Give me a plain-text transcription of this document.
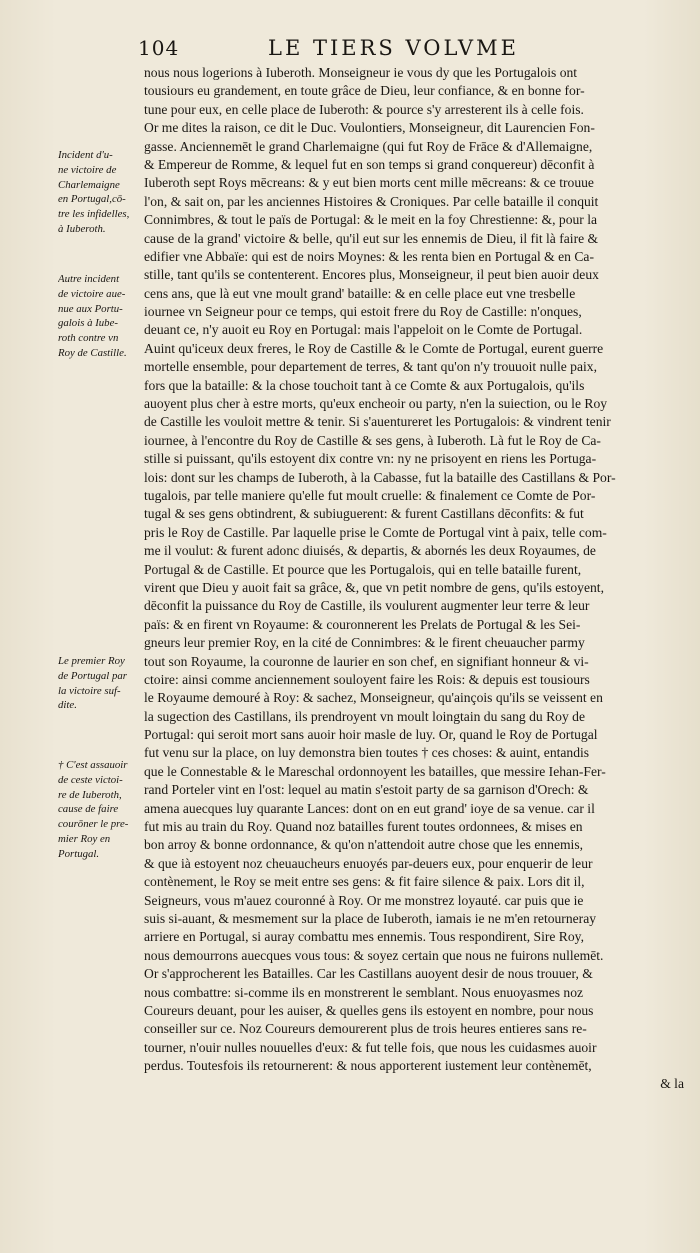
104	LE TIERS VOLVME
Incident d'u-
ne victoire de
Charlemaigne
en Portugal,cō-
tre les infidelles,
à Iuberoth.
Autre incident
de victoire aue-
nue aux Portu-
galois à Iube-
roth contre vn
Roy de Castille.
Le premier Roy
de Portugal par
la victoire suf-
dite.
† C'est assauoir
de ceste victoi-
re de Iuberoth,
cause de faire
courōner le pre-
mier Roy en
Portugal.
nous nous logerions à Iuberoth. Monseigneur ie vous dy que les Portugalois ont
tousiours eu grandement, en toute grâce de Dieu, leur confiance, & en bonne for-
tune pour eux, en celle place de Iuberoth: & pource s'y arresterent ils à celle fois.
Or me dites la raison, ce dit le Duc. Voulontiers, Monseigneur, dit Laurencien Fon-
gasse. Anciennemēt le grand Charlemaigne (qui fut Roy de Frāce & d'Allemaigne,
& Empereur de Romme, & lequel fut en son temps si grand conquereur) dēconfit à
Iuberoth sept Roys mēcreans: & y eut bien morts cent mille mēcreans: & ce trouue
l'on, & sait on, par les anciennes Histoires & Croniques. Par celle bataille il conquit
Connimbres, & tout le païs de Portugal: & le meit en la foy Chrestienne: &, pour la
cause de la grand' victoire & belle, qu'il eut sur les ennemis de Dieu, il fit là faire &
edifier vne Abbaïe: qui est de noirs Moynes: & les renta bien en Portugal & en Ca-
stille, tant qu'ils se contenterent. Encores plus, Monseigneur, il peut bien auoir deux
cens ans, que là eut vne moult grand' bataille: & en celle place eut vne tresbelle
iournee vn Seigneur pour ce temps, qui estoit frere du Roy de Castille: n'onques,
deuant ce, n'y auoit eu Roy en Portugal: mais l'appeloit on le Comte de Portugal.
Auint qu'iceux deux freres, le Roy de Castille & le Comte de Portugal, eurent guerre
mortelle ensemble, pour departement de terres, & tant qu'on n'y trouuoit nulle paix,
fors que la bataille: & la chose touchoit tant à ce Comte & aux Portugalois, qu'ils
auoyent plus cher à estre morts, qu'eux encheoir ou party, n'en la suiection, ou le Roy
de Castille les vouloit mettre & tenir. Si s'auentureret les Portugalois: & vindrent tenir
iournee, à l'encontre du Roy de Castille & ses gens, à Iuberoth. Là fut le Roy de Ca-
stille si puissant, qu'ils estoyent dix contre vn: ny ne prisoyent en riens les Portuga-
lois: dont sur les champs de Iuberoth, à la Cabasse, fut la bataille des Castillans & Por-
tugalois, par telle maniere qu'elle fut moult cruelle: & finalement ce Comte de Por-
tugal & ses gens obtindrent, & subiuguerent: & furent Castillans dēconfits: & fut
pris le Roy de Castille. Par laquelle prise le Comte de Portugal vint à paix, telle com-
me il voulut: & furent adonc diuisés, & departis, & abornés les deux Royaumes, de
Portugal & de Castille. Et pource que les Portugalois, qui en telle bataille furent,
virent que Dieu y auoit fait sa grâce, &, que vn petit nombre de gens, qu'ils estoyent,
dēconfit la puissance du Roy de Castille, ils voulurent augmenter leur terre & leur
païs: & en firent vn Royaume: & couronnerent les Prelats de Portugal & les Sei-
gneurs leur premier Roy, en la cité de Connimbres: & le firent cheuaucher parmy
tout son Royaume, la couronne de laurier en son chef, en signifiant honneur & vi-
ctoire: ainsi comme anciennement souloyent faire les Rois: & depuis est tousiours
le Royaume demouré à Roy: & sachez, Monseigneur, qu'ainçois qu'ils se veissent en
la sugection des Castillans, ils prendroyent vn moult loingtain du sang du Roy de
Portugal: qui seroit mort sans auoir hoir masle de luy. Or, quand le Roy de Portugal
fut venu sur la place, on luy demonstra bien toutes † ces choses: & auint, entandis
que le Connestable & le Mareschal ordonnoyent les batailles, que messire Iehan-Fer-
rand Porteler vint en l'ost: lequel au matin s'estoit party de sa garnison d'Orech: &
amena auecques luy quarante Lances: dont on en eut grand' ioye de sa venue. car il
fut mis au train du Roy. Quand noz batailles furent toutes ordonnees, & mises en
bon arroy & bonne ordonnance, & qu'on n'attendoit autre chose que les ennemis,
& que ià estoyent noz cheuaucheurs enuoyés par-deuers eux, pour enquerir de leur
contènement, le Roy se meit entre ses gens: & fit faire silence & paix. Lors dit il,
Seigneurs, vous m'auez couronné à Roy. Or me monstrez loyauté. car puis que ie
suis si-auant, & mesmement sur la place de Iuberoth, iamais ie ne m'en retourneray
arriere en Portugal, si auray combattu mes ennemis. Tous respondirent, Sire Roy,
nous demourrons auecques vous tous: & soyez certain que nous ne fuirons nullemēt.
Or s'approcherent les Batailles. Car les Castillans auoyent desir de nous trouuer, &
nous combattre: si-comme ils en monstrerent le semblant. Nous enuoyasmes noz
Coureurs deuant, pour les auiser, & quelles gens ils estoyent en nombre, pour nous
conseiller sur ce. Noz Coureurs demourerent plus de trois heures entieres sans re-
tourner, n'ouir nulles nouuelles d'eux: & fut telle fois, que nous les cuidasmes auoir
perdus. Toutesfois ils retournerent: & nous apporterent iustement leur contènemēt,
& la
